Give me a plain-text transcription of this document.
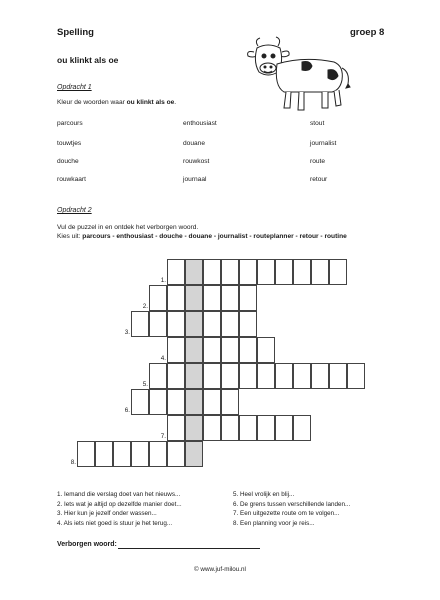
Spelling	groep 8
ou klinkt als oe
Opdracht 1
Kleur de woorden waar ou klinkt als oe.
parcours	enthousiast	stout
touwtjes	douane	journalist
douche	rouwkost	route
rouwkaart	journaal	retour
Opdracht 2
Vul de puzzel in en ontdek het verborgen woord.
Kies uit: parcours - enthousiast - douche - douane - journalist - routeplanner - retour - routine
1.
2.
3.
4.
5.
6.
7.
8.
1. Iemand die verslag doet van het nieuws...
2. Iets wat je altijd op dezelfde manier doet...
3. Hier kun je jezelf onder wassen...
4. Als iets niet goed is stuur je het terug...
5. Heel vrolijk en blij...
6. De grens tussen verschillende landen...
7. Een uitgezette route om te volgen...
8. Een planning voor je reis...
Verborgen woord:
© www.juf-milou.nl
